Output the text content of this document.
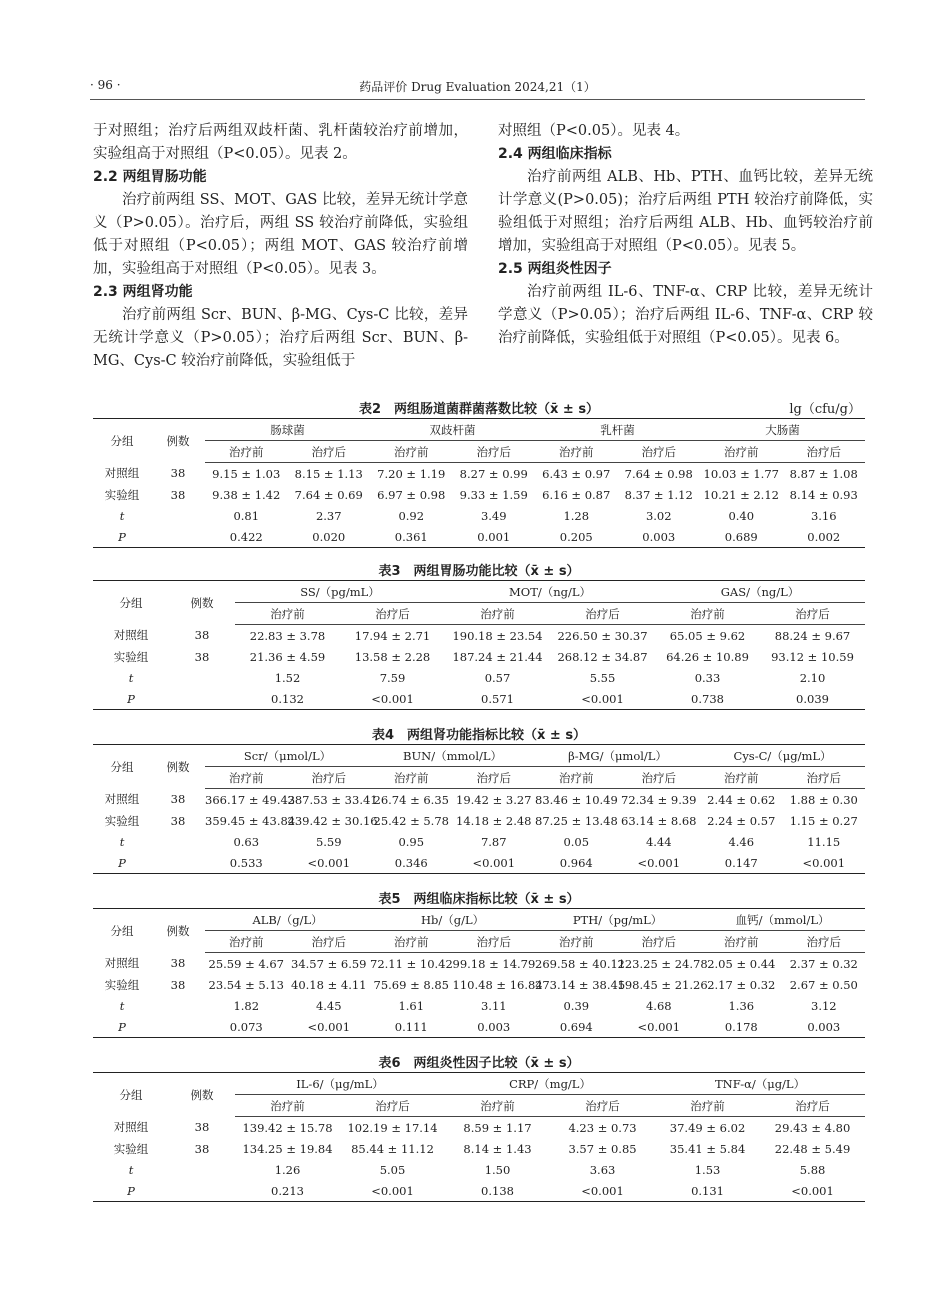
· 96 ·	药品评价 Drug Evaluation 2024,21（1）

于对照组；治疗后两组双歧杆菌、乳杆菌较治疗前增加，实验组高于对照组（P<0.05）。见表 2。

2.2 两组胃肠功能

治疗前两组 SS、MOT、GAS 比较，差异无统计学意义（P>0.05）。治疗后，两组 SS 较治疗前降低，实验组低于对照组（P<0.05）；两组 MOT、GAS 较治疗前增加，实验组高于对照组（P<0.05）。见表 3。

2.3 两组肾功能

治疗前两组 Scr、BUN、β-MG、Cys-C 比较，差异无统计学意义（P>0.05）；治疗后两组 Scr、BUN、β-MG、Cys-C 较治疗前降低，实验组低于

对照组（P<0.05）。见表 4。

2.4 两组临床指标

治疗前两组 ALB、Hb、PTH、血钙比较，差异无统计学意义(P>0.05)；治疗后两组 PTH 较治疗前降低，实验组低于对照组；治疗后两组 ALB、Hb、血钙较治疗前增加，实验组高于对照组（P<0.05）。见表 5。

2.5 两组炎性因子

治疗前两组 IL-6、TNF-α、CRP 比较，差异无统计学意义（P>0.05）；治疗后两组 IL-6、TNF-α、CRP 较治疗前降低，实验组低于对照组（P<0.05）。见表 6。

表2　两组肠道菌群菌落数比较（x̄ ± s）	lg（cfu/g）
分组	例数	肠球菌		双歧杆菌		乳杆菌		大肠菌	
		治疗前	治疗后	治疗前	治疗后	治疗前	治疗后	治疗前	治疗后
对照组	38	9.15 ± 1.03	8.15 ± 1.13	7.20 ± 1.19	8.27 ± 0.99	6.43 ± 0.97	7.64 ± 0.98	10.03 ± 1.77	8.87 ± 1.08
实验组	38	9.38 ± 1.42	7.64 ± 0.69	6.97 ± 0.98	9.33 ± 1.59	6.16 ± 0.87	8.37 ± 1.12	10.21 ± 2.12	8.14 ± 0.93
t		0.81	2.37	0.92	3.49	1.28	3.02	0.40	3.16
P		0.422	0.020	0.361	0.001	0.205	0.003	0.689	0.002
表3　两组胃肠功能比较（x̄ ± s）
分组	例数	SS/（pg/mL）		MOT/（ng/L）		GAS/（ng/L）	
		治疗前	治疗后	治疗前	治疗后	治疗前	治疗后
对照组	38	22.83 ± 3.78	17.94 ± 2.71	190.18 ± 23.54	226.50 ± 30.37	65.05 ± 9.62	88.24 ± 9.67
实验组	38	21.36 ± 4.59	13.58 ± 2.28	187.24 ± 21.44	268.12 ± 34.87	64.26 ± 10.89	93.12 ± 10.59
t		1.52	7.59	0.57	5.55	0.33	2.10
P		0.132	<0.001	0.571	<0.001	0.738	0.039
表4　两组肾功能指标比较（x̄ ± s）
分组	例数	Scr/（μmol/L）		BUN/（mmol/L）		β-MG/（μmol/L）		Cys-C/（μg/mL）	
		治疗前	治疗后	治疗前	治疗后	治疗前	治疗后	治疗前	治疗后
对照组	38	366.17 ± 49.43	287.53 ± 33.41	26.74 ± 6.35	19.42 ± 3.27	83.46 ± 10.49	72.34 ± 9.39	2.44 ± 0.62	1.88 ± 0.30
实验组	38	359.45 ± 43.84	239.42 ± 30.16	25.42 ± 5.78	14.18 ± 2.48	87.25 ± 13.48	63.14 ± 8.68	2.24 ± 0.57	1.15 ± 0.27
t		0.63	5.59	0.95	7.87	0.05	4.44	4.46	11.15
P		0.533	<0.001	0.346	<0.001	0.964	<0.001	0.147	<0.001
表5　两组临床指标比较（x̄ ± s）
分组	例数	ALB/（g/L）		Hb/（g/L）		PTH/（pg/mL）		血钙/（mmol/L）	
		治疗前	治疗后	治疗前	治疗后	治疗前	治疗后	治疗前	治疗后
对照组	38	25.59 ± 4.67	34.57 ± 6.59	72.11 ± 10.42	99.18 ± 14.79	269.58 ± 40.11	223.25 ± 24.78	2.05 ± 0.44	2.37 ± 0.32
实验组	38	23.54 ± 5.13	40.18 ± 4.11	75.69 ± 8.85	110.48 ± 16.84	273.14 ± 38.45	198.45 ± 21.26	2.17 ± 0.32	2.67 ± 0.50
t		1.82	4.45	1.61	3.11	0.39	4.68	1.36	3.12
P		0.073	<0.001	0.111	0.003	0.694	<0.001	0.178	0.003
表6　两组炎性因子比较（x̄ ± s）
分组	例数	IL-6/（μg/mL）		CRP/（mg/L）		TNF-α/（μg/L）	
		治疗前	治疗后	治疗前	治疗后	治疗前	治疗后
对照组	38	139.42 ± 15.78	102.19 ± 17.14	8.59 ± 1.17	4.23 ± 0.73	37.49 ± 6.02	29.43 ± 4.80
实验组	38	134.25 ± 19.84	85.44 ± 11.12	8.14 ± 1.43	3.57 ± 0.85	35.41 ± 5.84	22.48 ± 5.49
t		1.26	5.05	1.50	3.63	1.53	5.88
P		0.213	<0.001	0.138	<0.001	0.131	<0.001
